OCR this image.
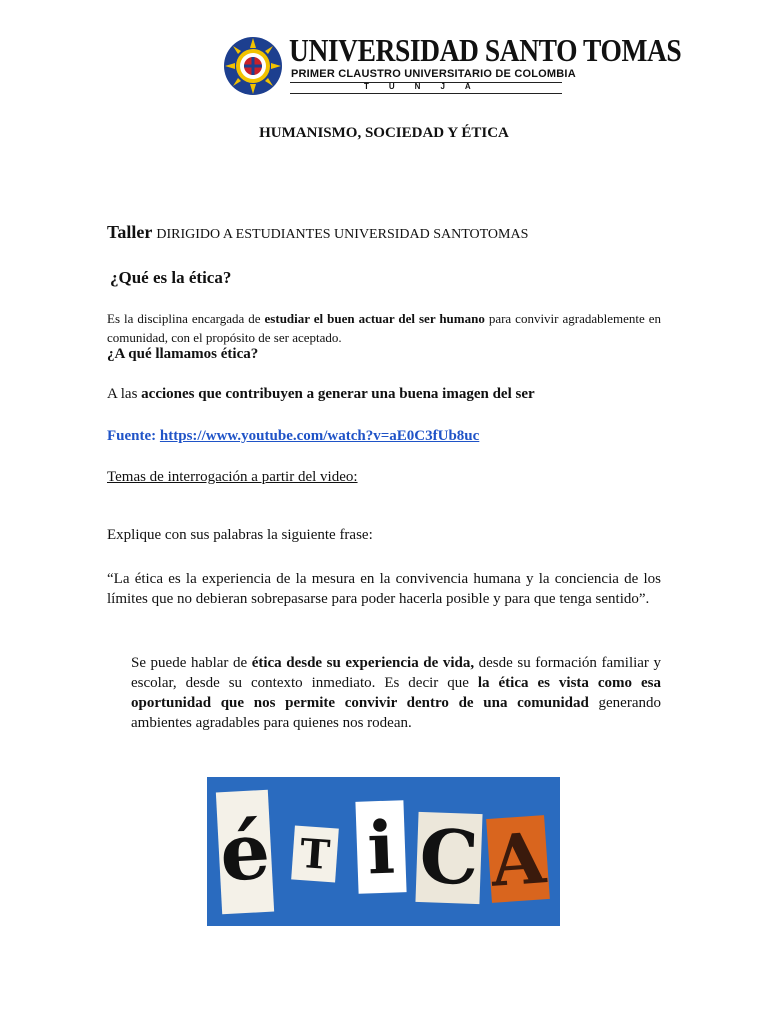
UNIVERSIDAD SANTO TOMAS
PRIMER CLAUSTRO UNIVERSITARIO DE COLOMBIA
TUNJA
HUMANISMO, SOCIEDAD Y ÉTICA
Taller DIRIGIDO A ESTUDIANTES UNIVERSIDAD SANTOTOMAS
¿Qué es la ética?
Es la disciplina encargada de estudiar el buen actuar del ser humano para convivir agradablemente en comunidad, con el propósito de ser aceptado.
¿A qué llamamos ética?
A las acciones que contribuyen a generar una buena imagen del ser
Fuente: https://www.youtube.com/watch?v=aE0C3fUb8uc
Temas de interrogación a partir del video:
Explique con sus palabras la siguiente frase:
“La ética es la experiencia de la mesura en la convivencia humana y la conciencia de los límites que no debieran sobrepasarse para poder hacerla posible y para que tenga sentido”.
Se puede hablar de ética desde su experiencia de vida, desde su formación familiar y escolar, desde su contexto inmediato. Es decir que la ética es vista como esa oportunidad que nos permite convivir dentro de una comunidad generando ambientes agradables para quienes nos rodean.
é T i C A
